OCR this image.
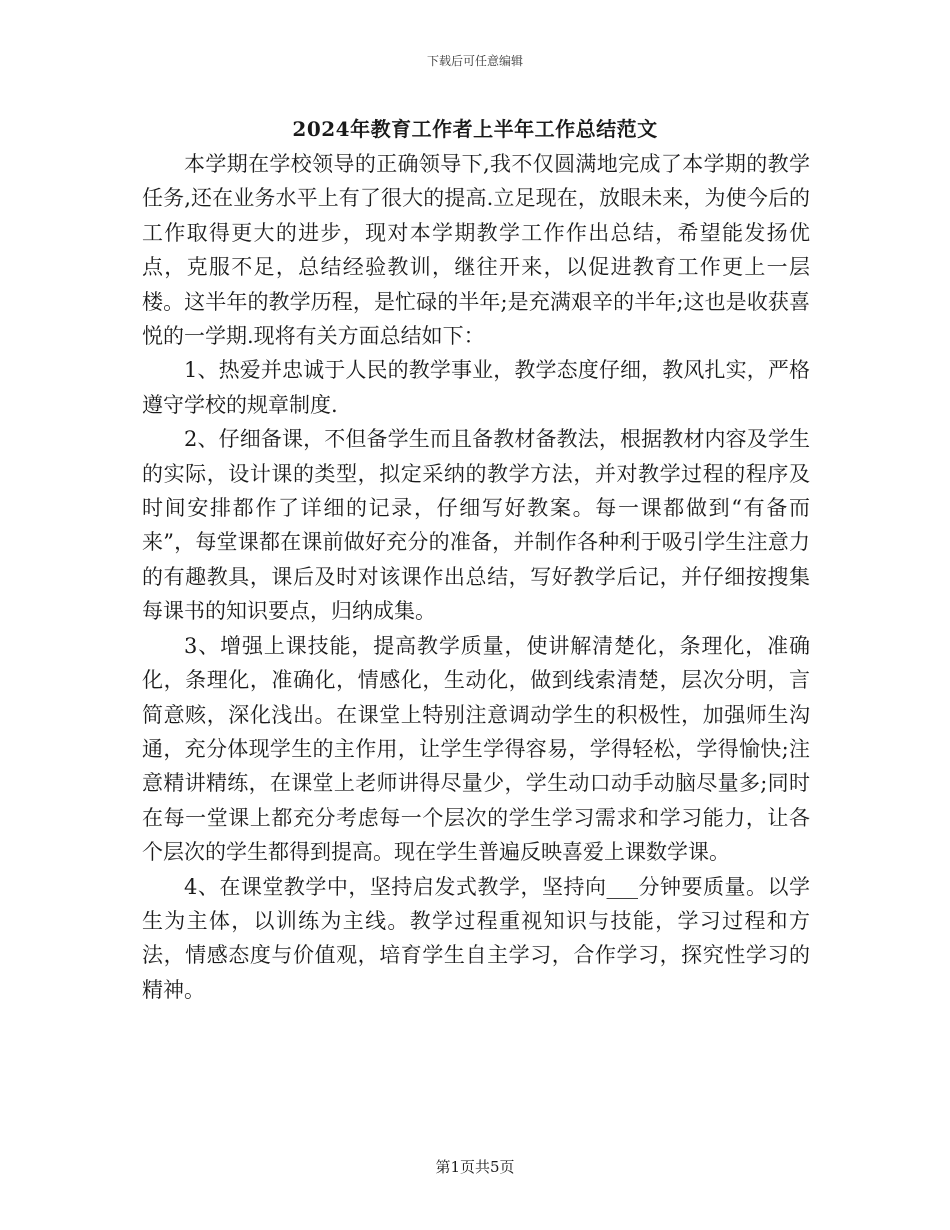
下载后可任意编辑
2024年教育工作者上半年工作总结范文

本学期在学校领导的正确领导下,我不仅圆满地完成了本学期的教学任务,还在业务水平上有了很大的提高.立足现在，放眼未来，为使今后的工作取得更大的进步，现对本学期教学工作作出总结，希望能发扬优点，克服不足，总结经验教训，继往开来，以促进教育工作更上一层楼。这半年的教学历程，是忙碌的半年;是充满艰辛的半年;这也是收获喜悦的一学期.现将有关方面总结如下：

1、热爱并忠诚于人民的教学事业，教学态度仔细，教风扎实，严格遵守学校的规章制度.

2、仔细备课，不但备学生而且备教材备教法，根据教材内容及学生的实际，设计课的类型，拟定采纳的教学方法，并对教学过程的程序及时间安排都作了详细的记录，仔细写好教案。每一课都做到“有备而来”，每堂课都在课前做好充分的准备，并制作各种利于吸引学生注意力的有趣教具，课后及时对该课作出总结，写好教学后记，并仔细按搜集每课书的知识要点，归纳成集。

3、增强上课技能，提高教学质量，使讲解清楚化，条理化，准确化，条理化，准确化，情感化，生动化，做到线索清楚，层次分明，言简意赅，深化浅出。在课堂上特别注意调动学生的积极性，加强师生沟通，充分体现学生的主作用，让学生学得容易，学得轻松，学得愉快;注意精讲精练，在课堂上老师讲得尽量少，学生动口动手动脑尽量多;同时在每一堂课上都充分考虑每一个层次的学生学习需求和学习能力，让各个层次的学生都得到提高。现在学生普遍反映喜爱上课数学课。

4、在课堂教学中，坚持启发式教学，坚持向___分钟要质量。以学生为主体，以训练为主线。教学过程重视知识与技能，学习过程和方法，情感态度与价值观，培育学生自主学习，合作学习，探究性学习的精神。

第1页共5页
